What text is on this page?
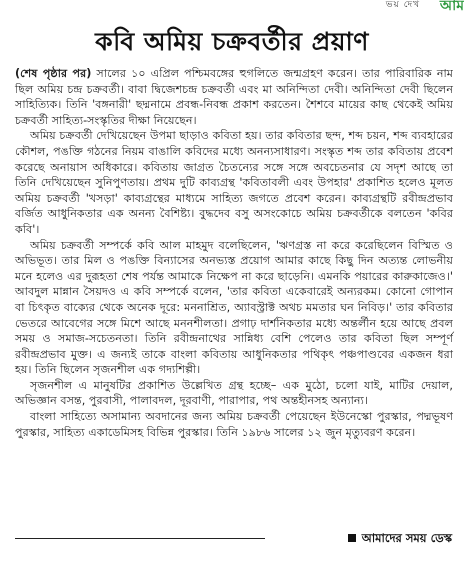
ভয় দেখ আম
কবি অমিয় চক্রবর্তীর প্রয়াণ

(শেষ পৃষ্ঠার পর) সালের ১০ এপ্রিল পশ্চিমবঙ্গের হুগলিতে জন্মগ্রহণ করেন। তার পারিবারিক নাম ছিল অমিয় চন্দ্র চক্রবর্তী। বাবা দ্বিজেশচন্দ্র চক্রবর্তী এবং মা অনিন্দিতা দেবী। অনিন্দিতা দেবী ছিলেন সাহিত্যিক। তিনি 'বঙ্গনারী' ছদ্মনামে প্রবন্ধ-নিবন্ধ প্রকাশ করতেন। শৈশবে মায়ের কাছ থেকেই অমিয় চক্রবর্তী সাহিত্য-সংস্কৃতির দীক্ষা নিয়েছেন।

অমিয় চক্রবর্তী দেখিয়েছেন উপমা ছাড়াও কবিতা হয়। তার কবিতার ছন্দ, শব্দ চয়ন, শব্দ ব্যবহারের কৌশল, পঙক্তি গঠনের নিয়ম বাঙালি কবিদের মধ্যে অনন্যসাধারণ। সংস্কৃত শব্দ তার কবিতায় প্রবেশ করেছে অনায়াস অধিকারে। কবিতায় জাগ্রত চৈতন্যের সঙ্গে সঙ্গে অবচেতনার যে সদৃশ আছে তা তিনি দেখিয়েছেন সুনিপুণতায়। প্রথম দুটি কাব্যগ্রন্থ 'কবিতাবলী এবং উপহার' প্রকাশিত হলেও মূলত অমিয় চক্রবর্তী 'খসড়া' কাব্যগ্রন্থের মাধ্যমে সাহিত্য জগতে প্রবেশ করেন। কাব্যগ্রন্থটি রবীন্দ্রপ্রভাব বর্জিত আধুনিকতার এক অনন্য বৈশিষ্ট্য। বুদ্ধদেব বসু অসংকোচে অমিয় চক্রবর্তীকে বলতেন 'কবির কবি'।

অমিয় চক্রবর্তী সম্পর্কে কবি আল মাহমুদ বলেছিলেন, 'ঋণগ্রস্ত না করে করেছিলেন বিস্মিত ও অভিভূত। তার মিল ও পঙক্তি বিন্যাসের অনভ্যস্ত প্রয়োগ আমার কাছে কিছু দিন অত্যন্ত লোভনীয় মনে হলেও এর দুরূহতা শেষ পর্যন্ত আমাকে নিক্ষেপ না করে ছাড়েনি। এমনকি পয়ারের কারুকাজেও।' আবদুল মান্নান সৈয়দও এ কবি সম্পর্কে বলেন, 'তার কবিতা একেবারেই অন্যরকম। কোনো গোপান বা চিৎকৃত বাক্যের থেকে অনেক দূরে: মননাশ্রিত, অ্যাবস্ট্রাক্ট অথচ মমতার ঘন নিবিড়।' তার কবিতার ভেতরে আবেগের সঙ্গে মিশে আছে মননশীলতা। প্রগাঢ় দার্শনিকতার মধ্যে অন্তর্লীন হয়ে আছে প্রবল সময় ও সমাজ-সচেতনতা। তিনি রবীন্দ্রনাথের সান্নিধ্য বেশি পেলেও তার কবিতা ছিল সম্পূর্ণ রবীন্দ্রপ্রভাব মুক্ত। এ জন্যই তাকে বাংলা কবিতায় আধুনিকতার পথিকৃৎ পঞ্চপাণ্ডবের একজন ধরা হয়। তিনি ছিলেন সৃজনশীল এক গদ্যশিল্পী।

সৃজনশীল এ মানুষটির প্রকাশিত উল্লেখিত গ্রন্থ হচ্ছে– এক মুঠো, চলো যাই, মাটির দেয়াল, অভিজ্ঞান বসন্ত, পুরবাসী, পালাবদল, দূরবাণী, পারাপার, পথ অন্তহীনসহ অন্যান্য।

বাংলা সাহিত্যে অসামান্য অবদানের জন্য অমিয় চক্রবর্তী পেয়েছেন ইউনেস্কো পুরস্কার, পদ্মভূষণ পুরস্কার, সাহিত্য একাডেমিসহ বিভিন্ন পুরস্কার। তিনি ১৯৮৬ সালের ১২ জুন মৃত্যুবরণ করেন।

আমাদের সময় ডেস্ক
